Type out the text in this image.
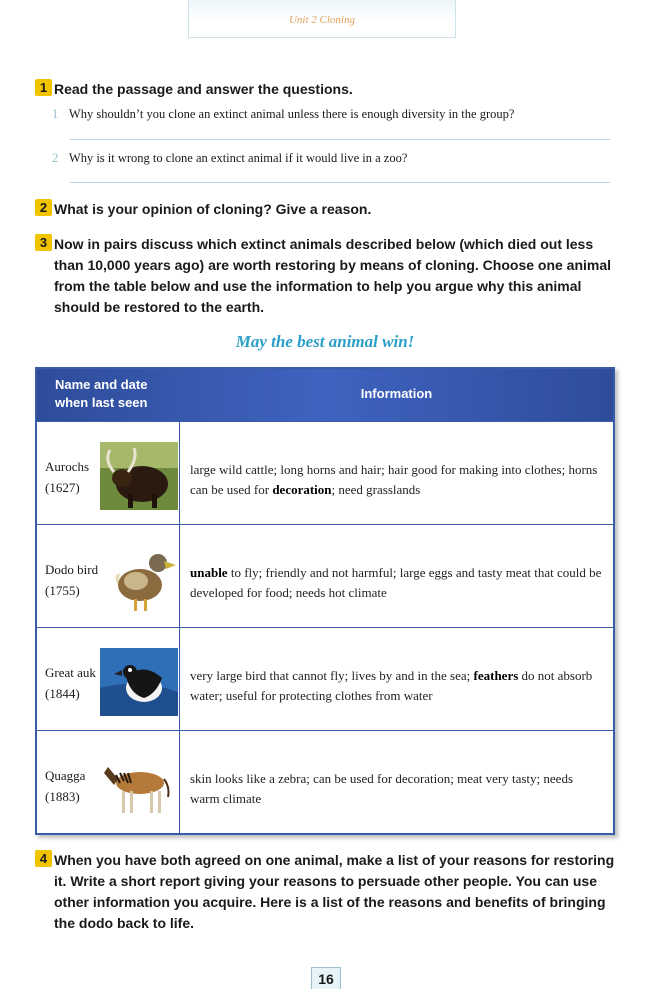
Unit 2 Cloning
1 Read the passage and answer the questions.
1 Why shouldn’t you clone an extinct animal unless there is enough diversity in the group?
2 Why is it wrong to clone an extinct animal if it would live in a zoo?
2 What is your opinion of cloning? Give a reason.
3 Now in pairs discuss which extinct animals described below (which died out less than 10,000 years ago) are worth restoring by means of cloning. Choose one animal from the table below and use the information to help you argue why this animal should be restored to the earth.
May the best animal win!
Name and date when last seen
Information
Aurochs
(1627)
large wild cattle; long horns and hair; hair good for making into clothes; horns can be used for decoration; need grasslands
Dodo bird
(1755)
unable to fly; friendly and not harmful; large eggs and tasty meat that could be developed for food; needs hot climate
Great auk
(1844)
very large bird that cannot fly; lives by and in the sea; feathers do not absorb water; useful for protecting clothes from water
Quagga
(1883)
skin looks like a zebra; can be used for decoration; meat very tasty; needs warm climate
4 When you have both agreed on one animal, make a list of your reasons for restoring it. Write a short report giving your reasons to persuade other people. You can use other information you acquire. Here is a list of the reasons and benefits of bringing the dodo back to life.
16
